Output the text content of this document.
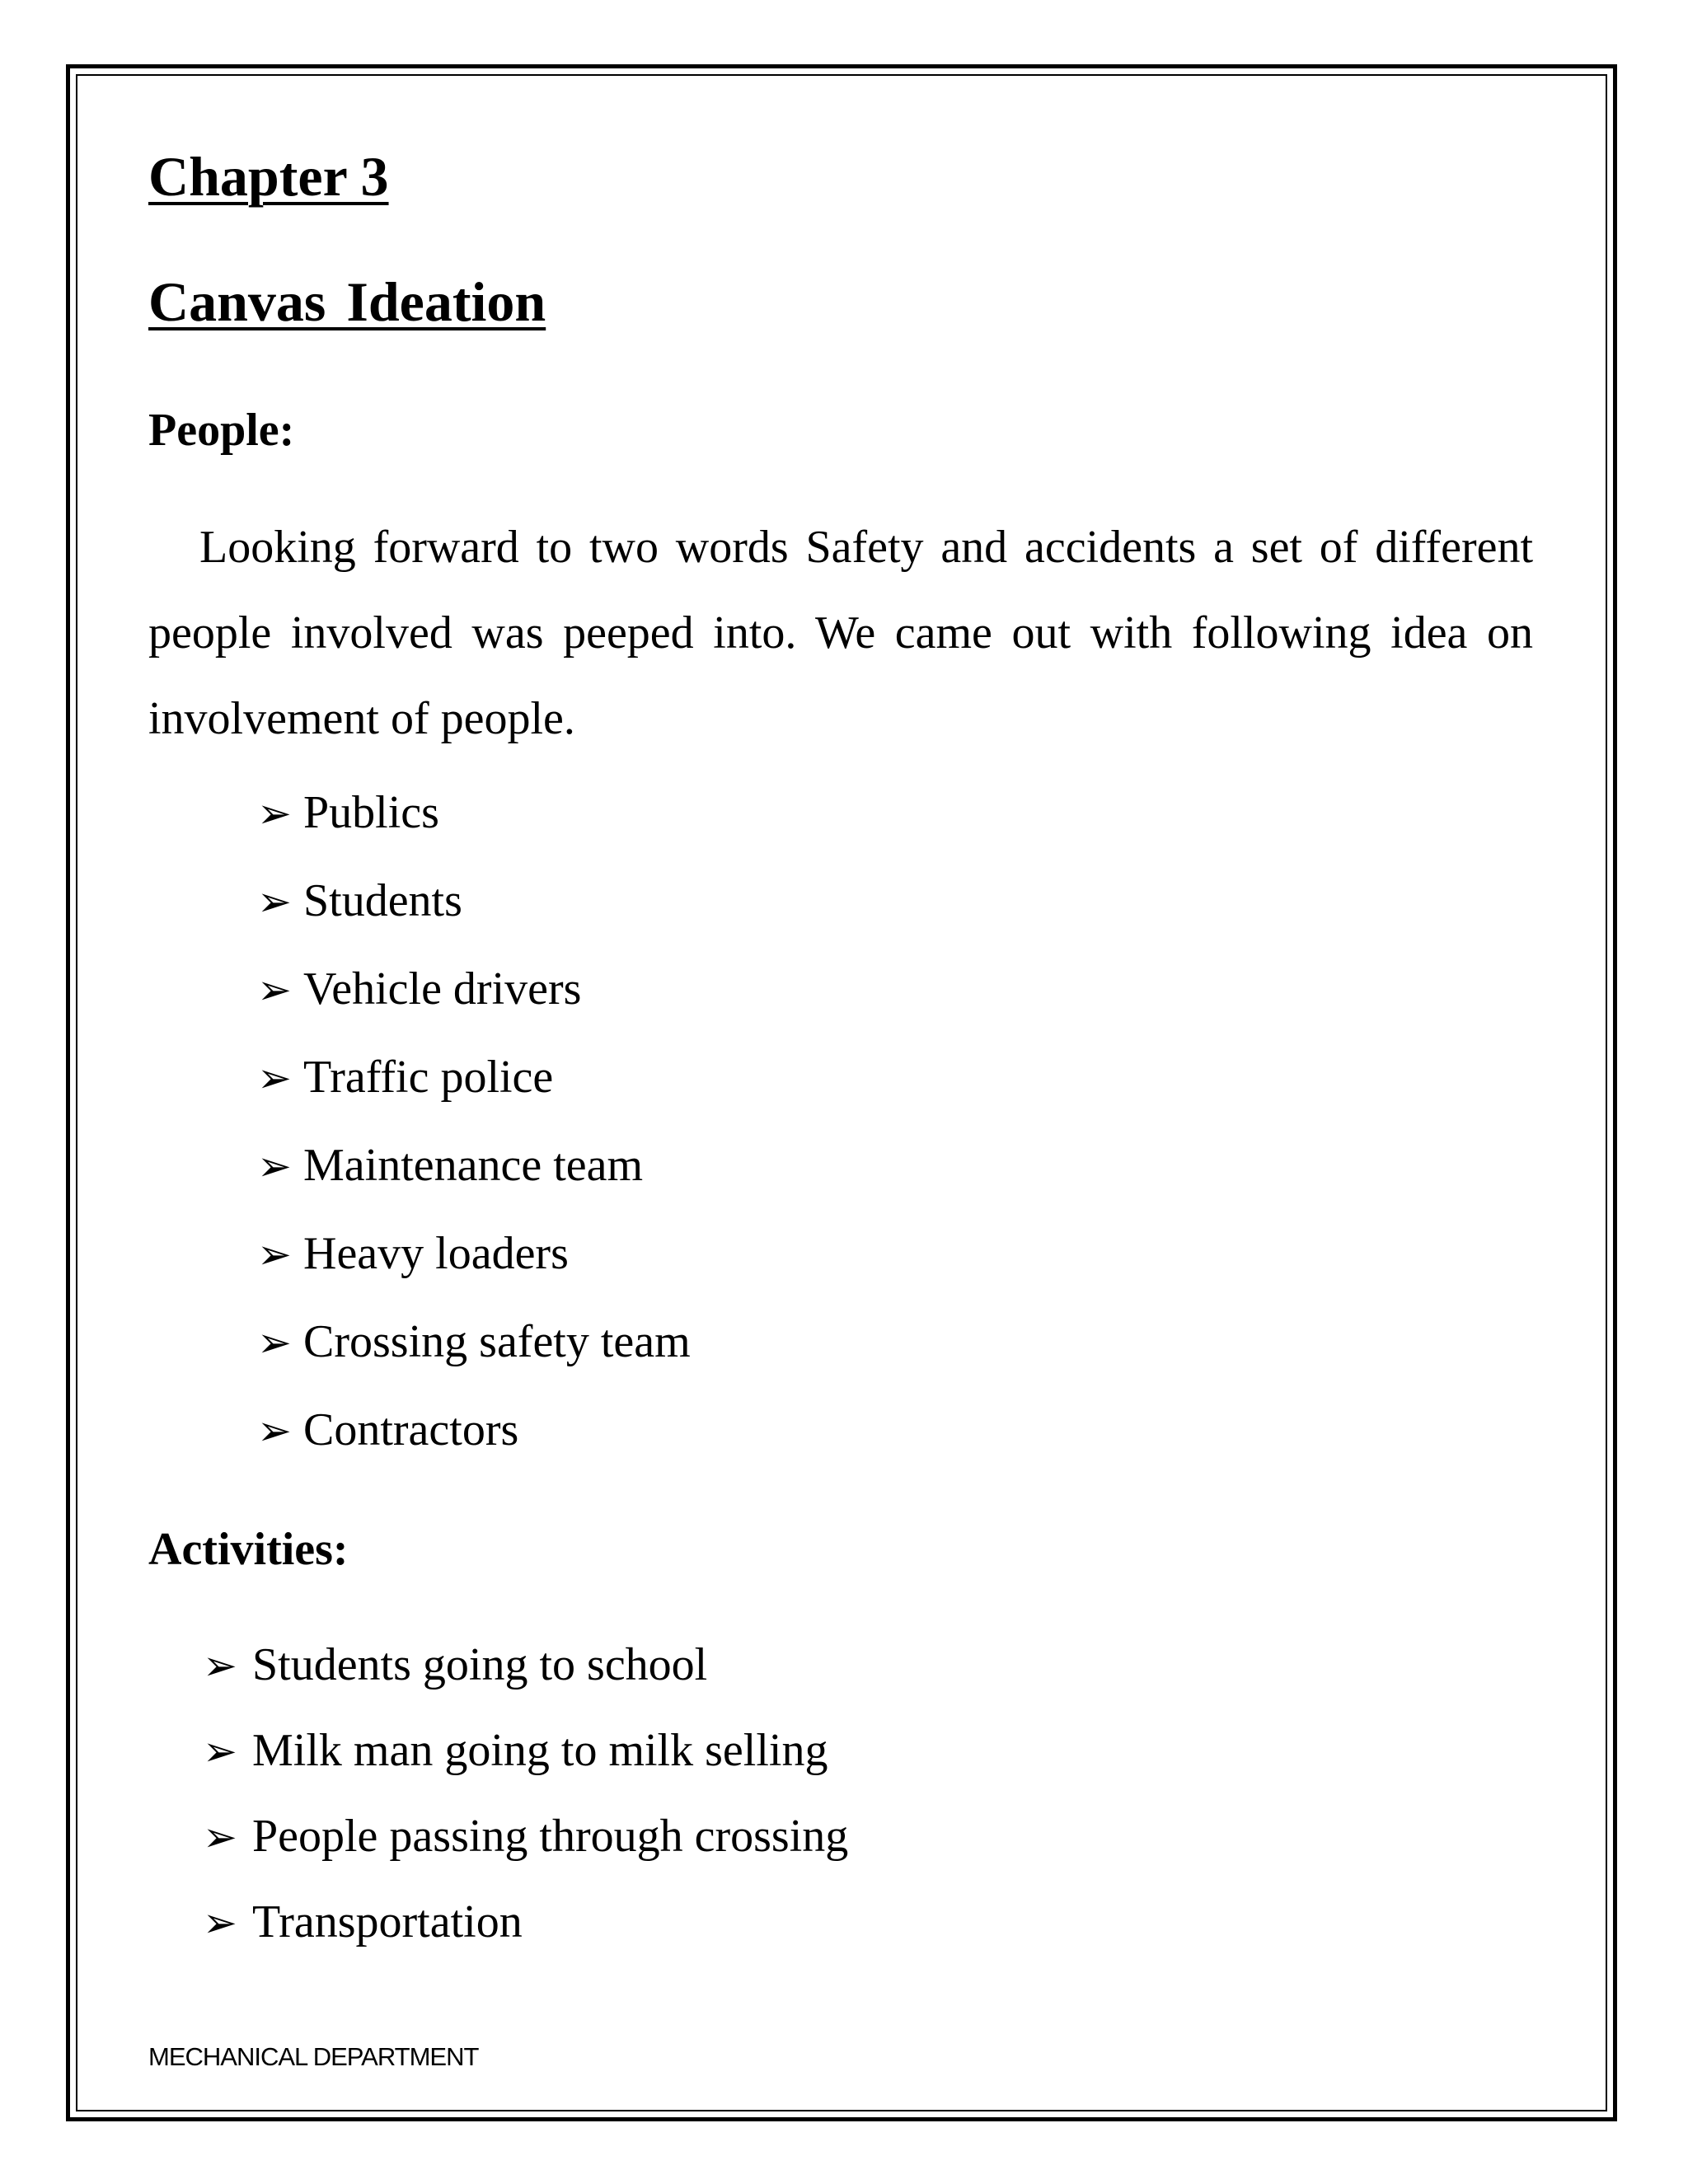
Chapter 3
Canvas Ideation
People:

Looking forward to two words Safety and accidents a set of different people involved was peeped into. We came out with following idea on involvement of people.

➢ Publics
➢ Students
➢ Vehicle drivers
➢ Traffic police
➢ Maintenance team
➢ Heavy loaders
➢ Crossing safety team
➢ Contractors
Activities:
➢ Students going to school
➢ Milk man going to milk selling
➢ People passing through crossing
➢ Transportation
MECHANICAL DEPARTMENT
